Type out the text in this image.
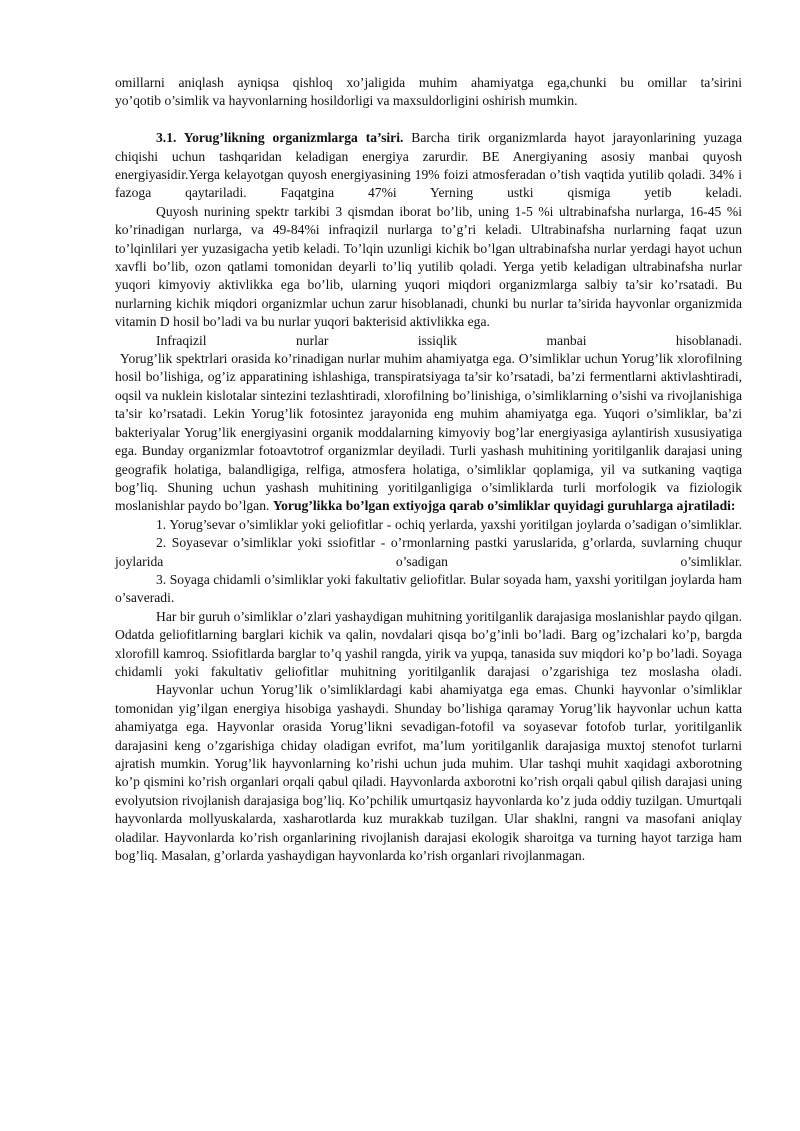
omillarni aniqlash ayniqsa qishloq xo’jaligida muhim ahamiyatga ega,chunki bu omillar ta’sirini

yo’qotib o’simlik va hayvonlarning hosildorligi va maxsuldorligini oshirish mumkin.

3.1. Yorug’likning organizmlarga ta’siri. Barcha tirik organizmlarda hayot jarayonlarining yuzaga chiqishi uchun tashqaridan keladigan energiya zarurdir. BE Anergiyaning asosiy manbai quyosh energiyasidir.Yerga kelayotgan quyosh energiyasining 19% foizi atmosferadan o’tish vaqtida yutilib qoladi. 34% i fazoga qaytariladi. Faqatgina 47%i Yerning ustki qismiga yetib keladi.

Quyosh nurining spektr tarkibi 3 qismdan iborat bo’lib, uning 1-5 %i ultrabinafsha nurlarga, 16-45 %i ko’rinadigan nurlarga, va 49-84%i infraqizil nurlarga to’g’ri keladi. Ultrabinafsha nurlarning faqat uzun to’lqinlilari yer yuzasigacha yetib keladi. To’lqin uzunligi kichik bo’lgan ultrabinafsha nurlar yerdagi hayot uchun xavfli bo’lib, ozon qatlami tomonidan deyarli to’liq yutilib qoladi. Yerga yetib keladigan ultrabinafsha nurlar yuqori kimyoviy aktivlikka ega bo’lib, ularning yuqori miqdori organizmlarga salbiy ta’sir ko’rsatadi. Bu nurlarning kichik miqdori organizmlar uchun zarur hisoblanadi, chunki bu nurlar ta’sirida hayvonlar organizmida vitamin D hosil bo’ladi va bu nurlar yuqori bakterisid aktivlikka ega.

Infraqizil nurlar issiqlik manbai hisoblanadi.

Yorug’lik spektrlari orasida ko’rinadigan nurlar muhim ahamiyatga ega. O’simliklar uchun Yorug’lik xlorofilning hosil bo’lishiga, og’iz apparatining ishlashiga, transpiratsiyaga ta’sir ko’rsatadi, ba’zi fermentlarni aktivlashtiradi, oqsil va nuklein kislotalar sintezini tezlashtiradi, xlorofilning bo’linishiga, o’simliklarning o’sishi va rivojlanishiga ta’sir ko’rsatadi. Lekin Yorug’lik fotosintez jarayonida eng muhim ahamiyatga ega. Yuqori o’simliklar, ba’zi bakteriyalar Yorug’lik energiyasini organik moddalarning kimyoviy bog’lar energiyasiga aylantirish xususiyatiga ega. Bunday organizmlar fotoavtotrof organizmlar deyiladi. Turli yashash muhitining yoritilganlik darajasi uning geografik holatiga, balandligiga, relfiga, atmosfera holatiga, o’simliklar qoplamiga, yil va sutkaning vaqtiga bog’liq. Shuning uchun yashash muhitining yoritilganligiga o’simliklarda turli morfologik va fiziologik moslanishlar paydo bo’lgan. Yorug’likka bo’lgan extiyojga qarab o’simliklar quyidagi guruhlarga ajratiladi:

1. Yorug’sevar o’simliklar yoki geliofitlar - ochiq yerlarda, yaxshi yoritilgan joylarda o’sadigan o’simliklar.

2. Soyasevar o’simliklar yoki ssiofitlar - o’rmonlarning pastki yaruslarida, g’orlarda, suvlarning chuqur joylarida o’sadigan o’simliklar.

3. Soyaga chidamli o’simliklar yoki fakultativ geliofitlar. Bular soyada ham, yaxshi yoritilgan joylarda ham o’saveradi.

Har bir guruh o’simliklar o’zlari yashaydigan muhitning yoritilganlik darajasiga moslanishlar paydo qilgan. Odatda geliofitlarning barglari kichik va qalin, novdalari qisqa bo’g’inli bo’ladi. Barg og’izchalari ko’p, bargda xlorofill kamroq. Ssiofitlarda barglar to’q yashil rangda, yirik va yupqa, tanasida suv miqdori ko’p bo’ladi. Soyaga chidamli yoki fakultativ geliofitlar muhitning yoritilganlik darajasi o’zgarishiga tez moslasha oladi.

Hayvonlar uchun Yorug’lik o’simliklardagi kabi ahamiyatga ega emas. Chunki hayvonlar o’simliklar tomonidan yig’ilgan energiya hisobiga yashaydi. Shunday bo’lishiga qaramay Yorug’lik hayvonlar uchun katta ahamiyatga ega. Hayvonlar orasida Yorug’likni sevadigan-fotofil va soyasevar fotofob turlar, yoritilganlik darajasini keng o’zgarishiga chiday oladigan evrifot, ma’lum yoritilganlik darajasiga muxtoj stenofot turlarni ajratish mumkin. Yorug’lik hayvonlarning ko’rishi uchun juda muhim. Ular tashqi muhit xaqidagi axborotning ko’p qismini ko’rish organlari orqali qabul qiladi. Hayvonlarda axborotni ko’rish orqali qabul qilish darajasi uning evolyutsion rivojlanish darajasiga bog’liq. Ko’pchilik umurtqasiz hayvonlarda ko’z juda oddiy tuzilgan. Umurtqali hayvonlarda mollyuskalarda, xasharotlarda kuz murakkab tuzilgan. Ular shaklni, rangni va masofani aniqlay oladilar. Hayvonlarda ko’rish organlarining rivojlanish darajasi ekologik sharoitga va turning hayot tarziga ham bog’liq. Masalan, g’orlarda yashaydigan hayvonlarda ko’rish organlari rivojlanmagan.
